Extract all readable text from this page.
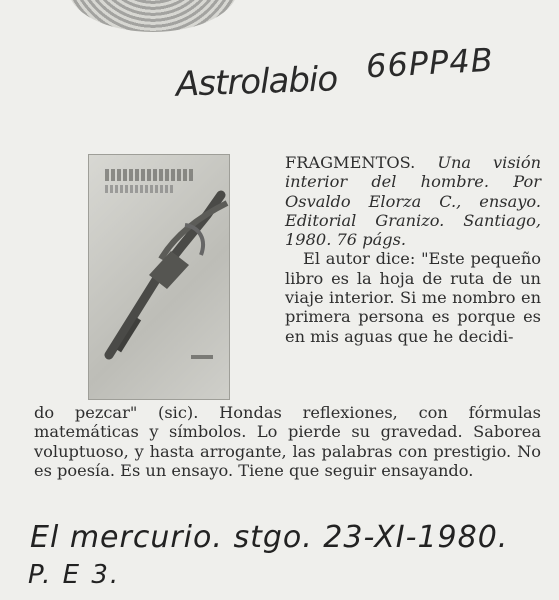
Astrolabio 66PP4B
FRAGMENTOS. Una visión interior del hombre. Por Osvaldo Elorza C., ensayo. Editorial Granizo. Santiago, 1980. 76 págs.
El autor dice: "Este pequeño libro es la hoja de ruta de un viaje interior. Si me nombro en primera persona es porque es en mis aguas que he decidi-
do pezcar" (sic). Hondas reflexiones, con fórmulas matemáticas y símbolos. Lo pierde su gravedad. Saborea voluptuoso, y hasta arrogante, las palabras con prestigio. No es poesía. Es un ensayo. Tiene que seguir ensayando.
El mercurio. stgo. 23-XI-1980.
P. E 3.
